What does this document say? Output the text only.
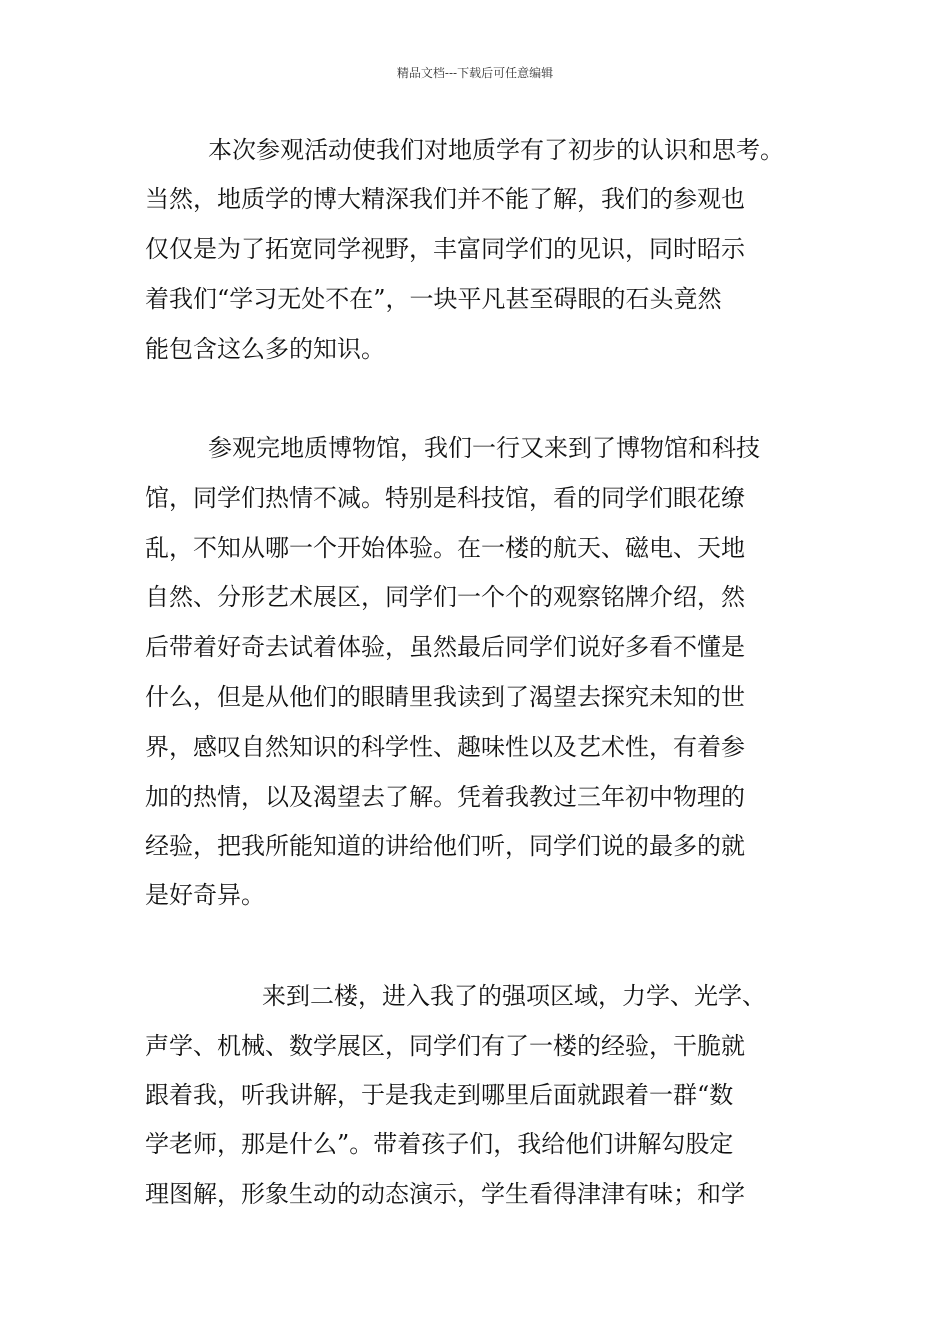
精品文档---下载后可任意编辑
本次参观活动使我们对地质学有了初步的认识和思考。
当然，地质学的博大精深我们并不能了解，我们的参观也
仅仅是为了拓宽同学视野，丰富同学们的见识，同时昭示
着我们“学习无处不在”，一块平凡甚至碍眼的石头竟然
能包含这么多的知识。
参观完地质博物馆，我们一行又来到了博物馆和科技
馆，同学们热情不减。特别是科技馆，看的同学们眼花缭
乱，不知从哪一个开始体验。在一楼的航天、磁电、天地
自然、分形艺术展区，同学们一个个的观察铭牌介绍，然
后带着好奇去试着体验，虽然最后同学们说好多看不懂是
什么，但是从他们的眼睛里我读到了渴望去探究未知的世
界，感叹自然知识的科学性、趣味性以及艺术性，有着参
加的热情，以及渴望去了解。凭着我教过三年初中物理的
经验，把我所能知道的讲给他们听，同学们说的最多的就
是好奇异。
来到二楼，进入我了的强项区域，力学、光学、
声学、机械、数学展区，同学们有了一楼的经验，干脆就
跟着我，听我讲解，于是我走到哪里后面就跟着一群“数
学老师，那是什么”。带着孩子们，我给他们讲解勾股定
理图解，形象生动的动态演示，学生看得津津有味；和学
